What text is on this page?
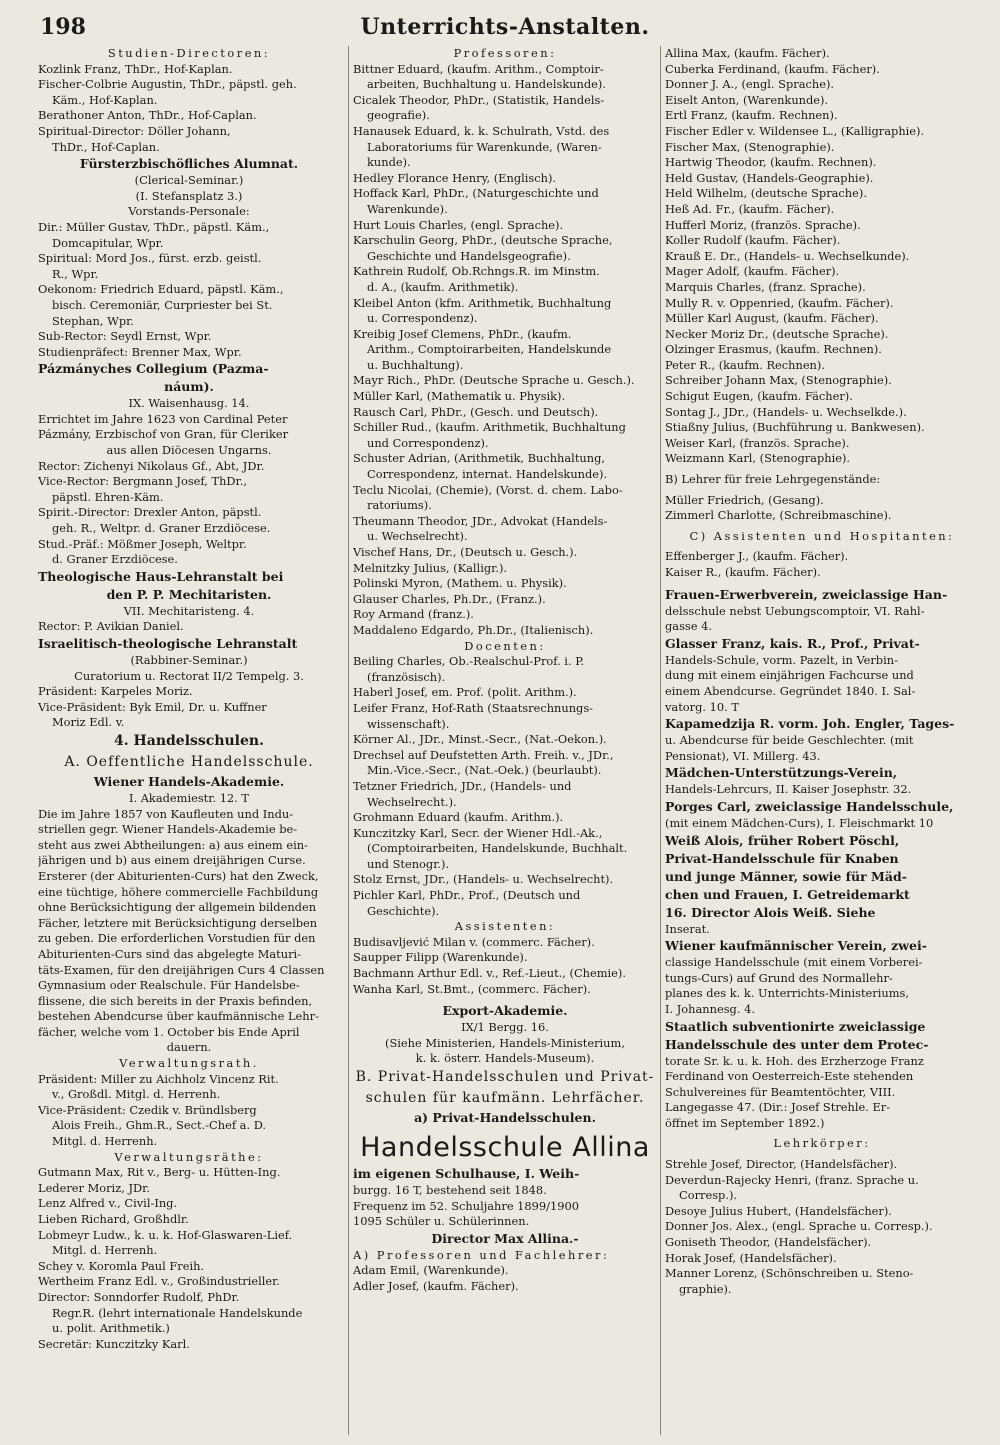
198	Unterrichts-Anstalten.
Studien-Directoren:
Kozlink Franz, ThDr., Hof-Kaplan.
Fischer-Colbrie Augustin, ThDr., päpstl. geh.
Käm., Hof-Kaplan.
Berathoner Anton, ThDr., Hof-Caplan.
Spiritual-Director: Döller Johann,
ThDr., Hof-Caplan.
Fürsterzbischöfliches Alumnat.
(Clerical-Seminar.)
(I. Stefansplatz 3.)
Vorstands-Personale:
Dir.: Müller Gustav, ThDr., päpstl. Käm.,
Domcapitular, Wpr.
Spiritual: Mord Jos., fürst. erzb. geistl.
R., Wpr.
Oekonom: Friedrich Eduard, päpstl. Käm.,
bisch. Ceremoniär, Curpriester bei St.
Stephan, Wpr.
Sub-Rector: Seydl Ernst, Wpr.
Studienpräfect: Brenner Max, Wpr.
Pázmányches Collegium (Pazma-
náum).
IX. Waisenhausg. 14.
Errichtet im Jahre 1623 von Cardinal Peter
Pázmány, Erzbischof von Gran, für Cleriker
aus allen Diöcesen Ungarns.
Rector: Zichenyi Nikolaus Gf., Abt, JDr.
Vice-Rector: Bergmann Josef, ThDr.,
päpstl. Ehren-Käm.
Spirit.-Director: Drexler Anton, päpstl.
geh. R., Weltpr. d. Graner Erzdiöcese.
Stud.-Präf.: Mößmer Joseph, Weltpr.
d. Graner Erzdiöcese.
Theologische Haus-Lehranstalt bei
den P. P. Mechitaristen.
VII. Mechitaristeng. 4.
Rector: P. Avikian Daniel.
Israelitisch-theologische Lehranstalt
(Rabbiner-Seminar.)
Curatorium u. Rectorat II/2 Tempelg. 3.
Präsident: Karpeles Moriz.
Vice-Präsident: Byk Emil, Dr. u. Kuffner
Moriz Edl. v.
4. Handelsschulen.
A. Oeffentliche Handelsschule.
Wiener Handels-Akademie.
I. Akademiestr. 12. T
Die im Jahre 1857 von Kaufleuten und Indu-
striellen gegr. Wiener Handels-Akademie be-
steht aus zwei Abtheilungen: a) aus einem ein-
jährigen und b) aus einem dreijährigen Curse.
Ersterer (der Abiturienten-Curs) hat den Zweck,
eine tüchtige, höhere commercielle Fachbildung
ohne Berücksichtigung der allgemein bildenden
Fächer, letztere mit Berücksichtigung derselben
zu geben. Die erforderlichen Vorstudien für den
Abiturienten-Curs sind das abgelegte Maturi-
täts-Examen, für den dreijährigen Curs 4 Classen
Gymnasium oder Realschule. Für Handelsbe-
flissene, die sich bereits in der Praxis befinden,
bestehen Abendcurse über kaufmännische Lehr-
fächer, welche vom 1. October bis Ende April
dauern.
Verwaltungsrath.
Präsident: Miller zu Aichholz Vincenz Rit.
v., Großdl. Mitgl. d. Herrenh.
Vice-Präsident: Czedik v. Bründlsberg
Alois Freih., Ghm.R., Sect.-Chef a. D.
Mitgl. d. Herrenh.
Verwaltungsräthe:
Gutmann Max, Rit v., Berg- u. Hütten-Ing.
Lederer Moriz, JDr.
Lenz Alfred v., Civil-Ing.
Lieben Richard, Großhdlr.
Lobmeyr Ludw., k. u. k. Hof-Glaswaren-Lief.
Mitgl. d. Herrenh.
Schey v. Koromla Paul Freih.
Wertheim Franz Edl. v., Großindustrieller.
Director: Sonndorfer Rudolf, PhDr.
Regr.R. (lehrt internationale Handelskunde
u. polit. Arithmetik.)
Secretär: Kunczitzky Karl.
Professoren:
Bittner Eduard, (kaufm. Arithm., Comptoir-
arbeiten, Buchhaltung u. Handelskunde).
Cicalek Theodor, PhDr., (Statistik, Handels-
geografie).
Hanausek Eduard, k. k. Schulrath, Vstd. des
Laboratoriums für Warenkunde, (Waren-
kunde).
Hedley Florance Henry, (Englisch).
Hoffack Karl, PhDr., (Naturgeschichte und
Warenkunde).
Hurt Louis Charles, (engl. Sprache).
Karschulin Georg, PhDr., (deutsche Sprache,
Geschichte und Handelsgeografie).
Kathrein Rudolf, Ob.Rchngs.R. im Minstm.
d. A., (kaufm. Arithmetik).
Kleibel Anton (kfm. Arithmetik, Buchhaltung
u. Correspondenz).
Kreibig Josef Clemens, PhDr., (kaufm.
Arithm., Comptoirarbeiten, Handelskunde
u. Buchhaltung).
Mayr Rich., PhDr. (Deutsche Sprache u. Gesch.).
Müller Karl, (Mathematik u. Physik).
Rausch Carl, PhDr., (Gesch. und Deutsch).
Schiller Rud., (kaufm. Arithmetik, Buchhaltung
und Correspondenz).
Schuster Adrian, (Arithmetik, Buchhaltung,
Correspondenz, internat. Handelskunde).
Teclu Nicolai, (Chemie), (Vorst. d. chem. Labo-
ratoriums).
Theumann Theodor, JDr., Advokat (Handels-
u. Wechselrecht).
Vischef Hans, Dr., (Deutsch u. Gesch.).
Melnitzky Julius, (Kalligr.).
Polinski Myron, (Mathem. u. Physik).
Glauser Charles, Ph.Dr., (Franz.).
Roy Armand (franz.).
Maddaleno Edgardo, Ph.Dr., (Italienisch).
Docenten:
Beiling Charles, Ob.-Realschul-Prof. i. P.
(französisch).
Haberl Josef, em. Prof. (polit. Arithm.).
Leifer Franz, Hof-Rath (Staatsrechnungs-
wissenschaft).
Körner Al., JDr., Minst.-Secr., (Nat.-Oekon.).
Drechsel auf Deufstetten Arth. Freih. v., JDr.,
Min.-Vice.-Secr., (Nat.-Oek.) (beurlaubt).
Tetzner Friedrich, JDr., (Handels- und
Wechselrecht.).
Grohmann Eduard (kaufm. Arithm.).
Kunczitzky Karl, Secr. der Wiener Hdl.-Ak.,
(Comptoirarbeiten, Handelskunde, Buchhalt.
und Stenogr.).
Stolz Ernst, JDr., (Handels- u. Wechselrecht).
Pichler Karl, PhDr., Prof., (Deutsch und
Geschichte).
Assistenten:
Budisavljević Milan v. (commerc. Fächer).
Saupper Filipp (Warenkunde).
Bachmann Arthur Edl. v., Ref.-Lieut., (Chemie).
Wanha Karl, St.Bmt., (commerc. Fächer).
Export-Akademie.
IX/1 Bergg. 16.
(Siehe Ministerien, Handels-Ministerium,
k. k. österr. Handels-Museum).
B. Privat-Handelsschulen und Privat-
schulen für kaufmänn. Lehrfächer.
a) Privat-Handelsschulen.
Handelsschule Allina
im eigenen Schulhause, I. Weih-
burgg. 16 T, bestehend seit 1848.
Frequenz im 52. Schuljahre 1899/1900
1095 Schüler u. Schülerinnen.
Director Max Allina.-
A) Professoren und Fachlehrer:
Adam Emil, (Warenkunde).
Adler Josef, (kaufm. Fächer).
Allina Max, (kaufm. Fächer).
Cuberka Ferdinand, (kaufm. Fächer).
Donner J. A., (engl. Sprache).
Eiselt Anton, (Warenkunde).
Ertl Franz, (kaufm. Rechnen).
Fischer Edler v. Wildensee L., (Kalligraphie).
Fischer Max, (Stenographie).
Hartwig Theodor, (kaufm. Rechnen).
Held Gustav, (Handels-Geographie).
Held Wilhelm, (deutsche Sprache).
Heß Ad. Fr., (kaufm. Fächer).
Hufferl Moriz, (französ. Sprache).
Koller Rudolf (kaufm. Fächer).
Krauß E. Dr., (Handels- u. Wechselkunde).
Mager Adolf, (kaufm. Fächer).
Marquis Charles, (franz. Sprache).
Mully R. v. Oppenried, (kaufm. Fächer).
Müller Karl August, (kaufm. Fächer).
Necker Moriz Dr., (deutsche Sprache).
Olzinger Erasmus, (kaufm. Rechnen).
Peter R., (kaufm. Rechnen).
Schreiber Johann Max, (Stenographie).
Schigut Eugen, (kaufm. Fächer).
Sontag J., JDr., (Handels- u. Wechselkde.).
Stiaßny Julius, (Buchführung u. Bankwesen).
Weiser Karl, (französ. Sprache).
Weizmann Karl, (Stenographie).
B) Lehrer für freie Lehrgegenstände:
Müller Friedrich, (Gesang).
Zimmerl Charlotte, (Schreibmaschine).
C) Assistenten und Hospitanten:
Effenberger J., (kaufm. Fächer).
Kaiser R., (kaufm. Fächer).
Frauen-Erwerbverein, zweiclassige Han-
delsschule nebst Uebungscomptoir, VI. Rahl-
gasse 4.
Glasser Franz, kais. R., Prof., Privat-
Handels-Schule, vorm. Pazelt, in Verbin-
dung mit einem einjährigen Fachcurse und
einem Abendcurse. Gegründet 1840. I. Sal-
vatorg. 10. T
Kapamedzija R. vorm. Joh. Engler, Tages-
u. Abendcurse für beide Geschlechter. (mit
Pensionat), VI. Millerg. 43.
Mädchen-Unterstützungs-Verein,
Handels-Lehrcurs, II. Kaiser Josephstr. 32.
Porges Carl, zweiclassige Handelsschule,
(mit einem Mädchen-Curs), I. Fleischmarkt 10
Weiß Alois, früher Robert Pöschl,
Privat-Handelsschule für Knaben
und junge Männer, sowie für Mäd-
chen und Frauen, I. Getreidemarkt
16. Director Alois Weiß. Siehe
Inserat.
Wiener kaufmännischer Verein, zwei-
classige Handelsschule (mit einem Vorberei-
tungs-Curs) auf Grund des Normallehr-
planes des k. k. Unterrichts-Ministeriums,
I. Johannesg. 4.
Staatlich subventionirte zweiclassige
Handelsschule des unter dem Protec-
torate Sr. k. u. k. Hoh. des Erzherzoge Franz
Ferdinand von Oesterreich-Este stehenden
Schulvereines für Beamtentöchter, VIII.
Langegasse 47. (Dir.: Josef Strehle. Er-
öffnet im September 1892.)
Lehrkörper:
Strehle Josef, Director, (Handelsfächer).
Deverdun-Rajecky Henri, (franz. Sprache u.
Corresp.).
Desoye Julius Hubert, (Handelsfächer).
Donner Jos. Alex., (engl. Sprache u. Corresp.).
Goniseth Theodor, (Handelsfächer).
Horak Josef, (Handelsfächer).
Manner Lorenz, (Schönschreiben u. Steno-
graphie).
